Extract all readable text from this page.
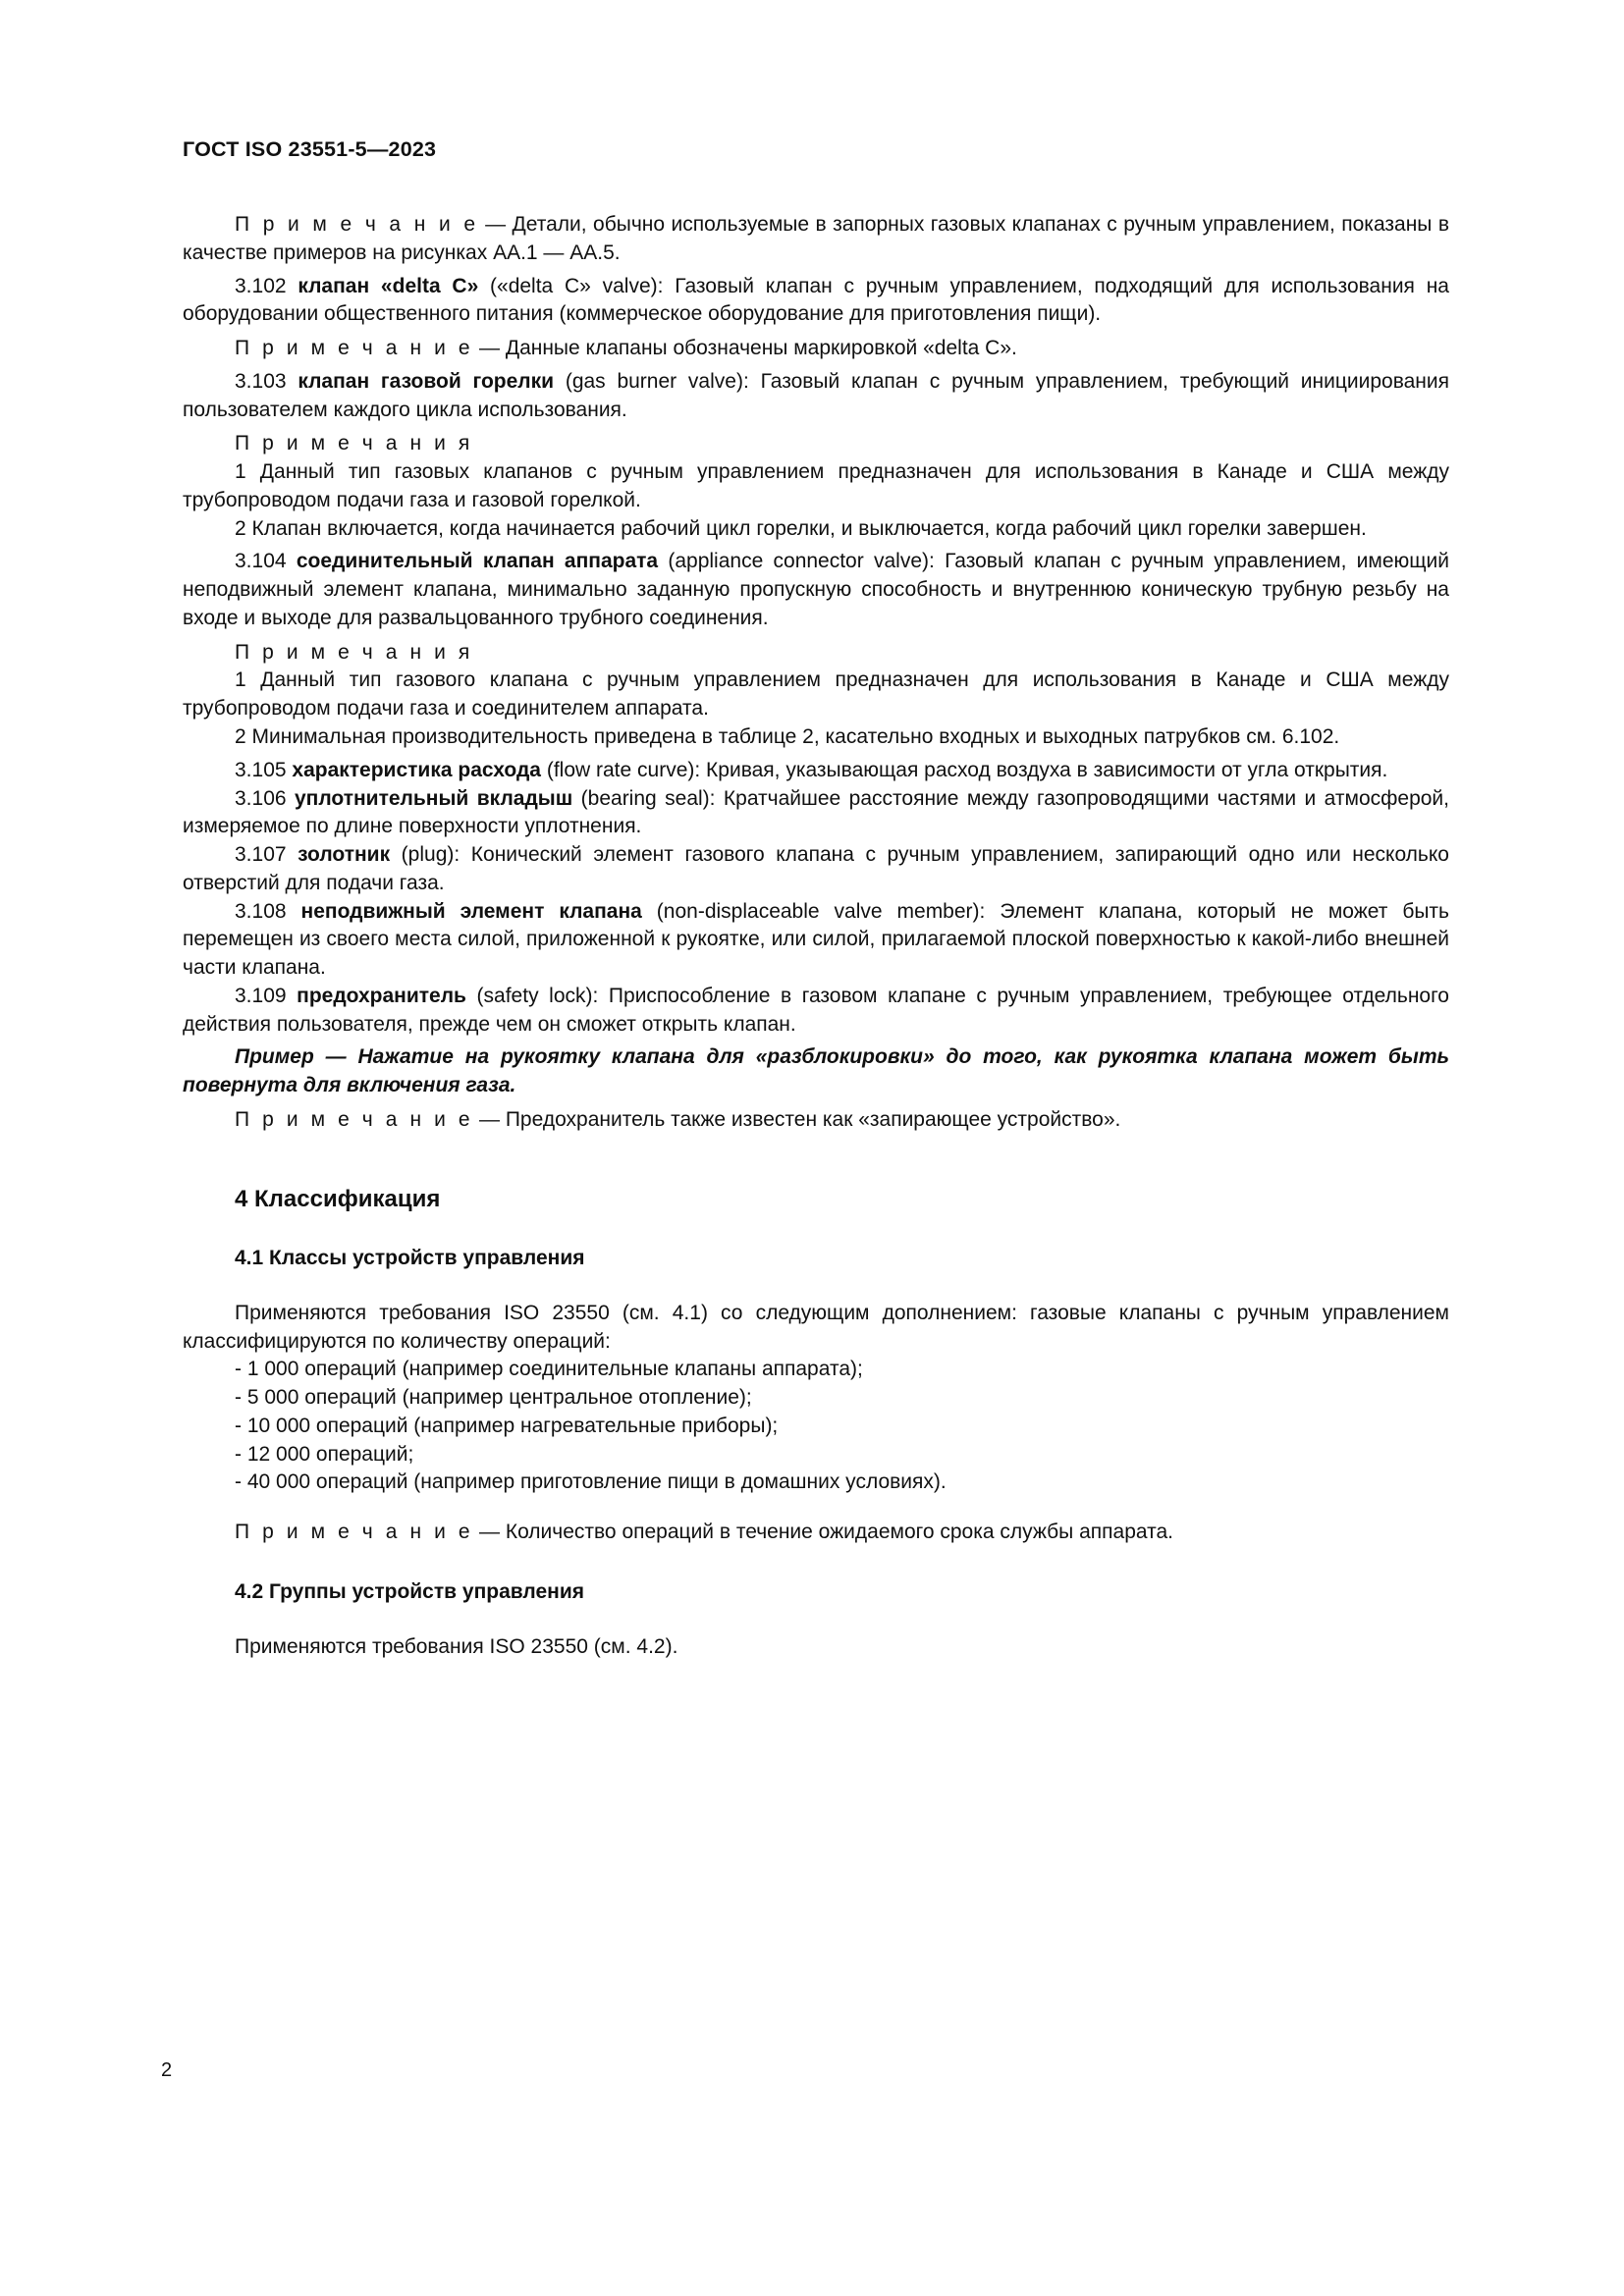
ГОСТ ISO 23551-5—2023

П р и м е ч а н и е — Детали, обычно используемые в запорных газовых клапанах с ручным управлением, показаны в качестве примеров на рисунках АА.1 — АА.5.

3.102 клапан «delta C» («delta C» valve): Газовый клапан с ручным управлением, подходящий для использования на оборудовании общественного питания (коммерческое оборудование для приготовления пищи).

П р и м е ч а н и е — Данные клапаны обозначены маркировкой «delta C».

3.103 клапан газовой горелки (gas burner valve): Газовый клапан с ручным управлением, требующий инициирования пользователем каждого цикла использования.

П р и м е ч а н и я

1 Данный тип газовых клапанов с ручным управлением предназначен для использования в Канаде и США между трубопроводом подачи газа и газовой горелкой.

2 Клапан включается, когда начинается рабочий цикл горелки, и выключается, когда рабочий цикл горелки завершен.

3.104 соединительный клапан аппарата (appliance connector valve): Газовый клапан с ручным управлением, имеющий неподвижный элемент клапана, минимально заданную пропускную способность и внутреннюю коническую трубную резьбу на входе и выходе для развальцованного трубного соединения.

П р и м е ч а н и я

1 Данный тип газового клапана с ручным управлением предназначен для использования в Канаде и США между трубопроводом подачи газа и соединителем аппарата.

2 Минимальная производительность приведена в таблице 2, касательно входных и выходных патрубков см. 6.102.

3.105 характеристика расхода (flow rate curve): Кривая, указывающая расход воздуха в зависимости от угла открытия.

3.106 уплотнительный вкладыш (bearing seal): Кратчайшее расстояние между газопроводящими частями и атмосферой, измеряемое по длине поверхности уплотнения.

3.107 золотник (plug): Конический элемент газового клапана с ручным управлением, запирающий одно или несколько отверстий для подачи газа.

3.108 неподвижный элемент клапана (non-displaceable valve member): Элемент клапана, который не может быть перемещен из своего места силой, приложенной к рукоятке, или силой, прилагаемой плоской поверхностью к какой-либо внешней части клапана.

3.109 предохранитель (safety lock): Приспособление в газовом клапане с ручным управлением, требующее отдельного действия пользователя, прежде чем он сможет открыть клапан.

Пример — Нажатие на рукоятку клапана для «разблокировки» до того, как рукоятка клапана может быть повернута для включения газа.

П р и м е ч а н и е — Предохранитель также известен как «запирающее устройство».

4 Классификация
4.1 Классы устройств управления

Применяются требования ISO 23550 (см. 4.1) со следующим дополнением: газовые клапаны с ручным управлением классифицируются по количеству операций:

- 1 000 операций (например соединительные клапаны аппарата);
- 5 000 операций (например центральное отопление);
- 10 000 операций (например нагревательные приборы);
- 12 000 операций;
- 40 000 операций (например приготовление пищи в домашних условиях).

П р и м е ч а н и е — Количество операций в течение ожидаемого срока службы аппарата.

4.2 Группы устройств управления

Применяются требования ISO 23550 (см. 4.2).

2
